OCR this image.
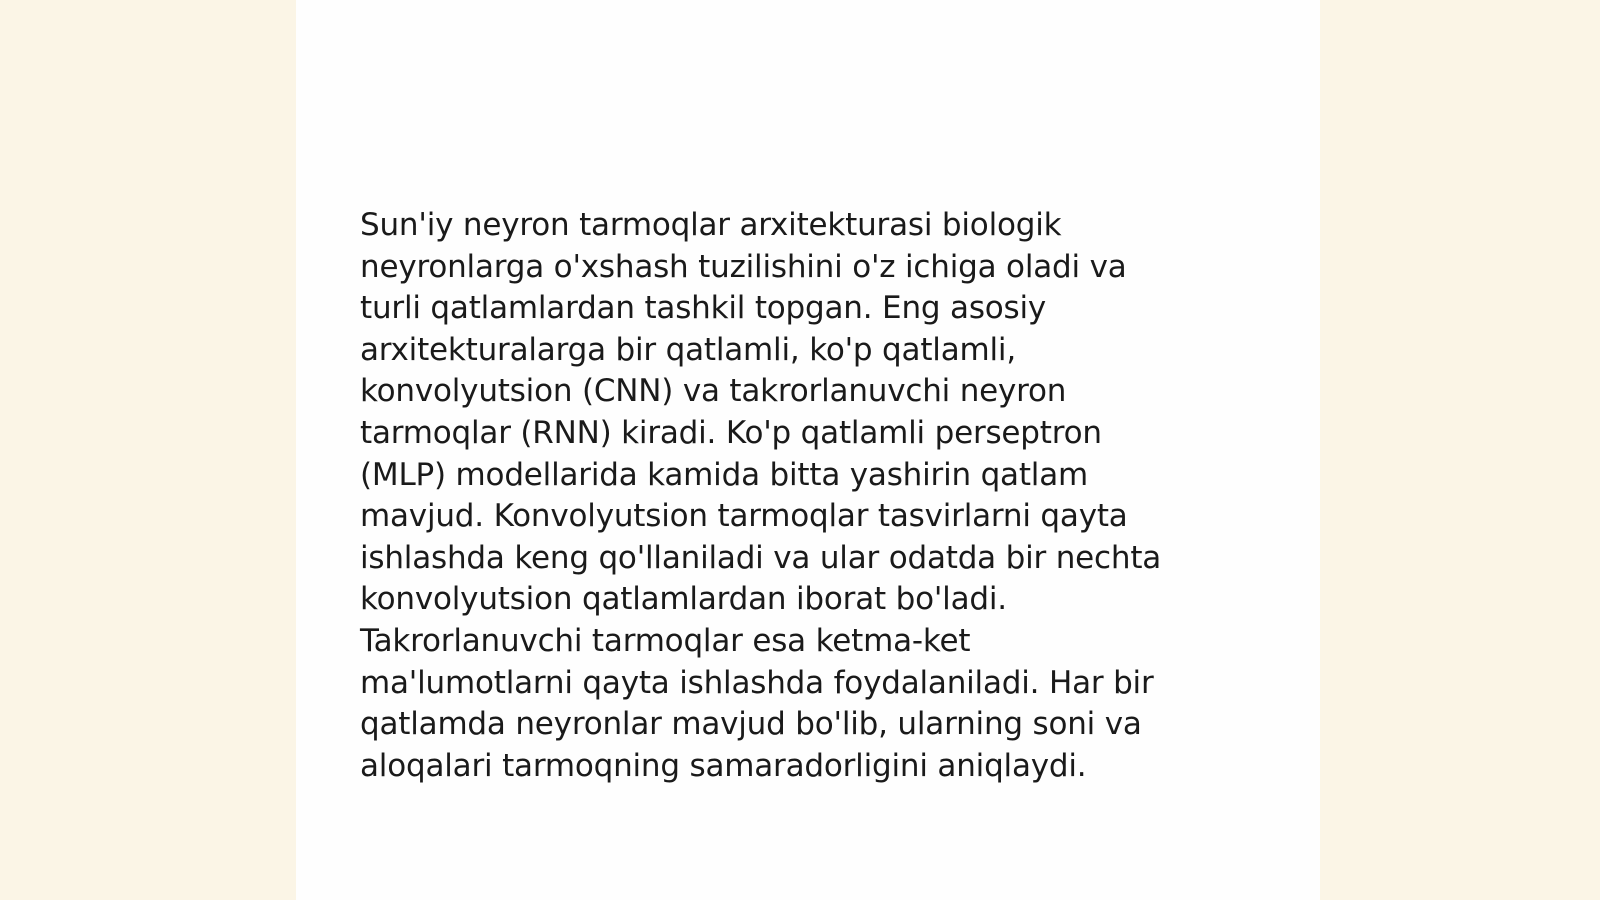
Sun'iy neyron tarmoqlar arxitekturasi biologik
neyronlarga o'xshash tuzilishini o'z ichiga oladi va
turli qatlamlardan tashkil topgan. Eng asosiy
arxitekturalarga bir qatlamli, ko'p qatlamli,
konvolyutsion (CNN) va takrorlanuvchi neyron
tarmoqlar (RNN) kiradi. Ko'p qatlamli perseptron
(MLP) modellarida kamida bitta yashirin qatlam
mavjud. Konvolyutsion tarmoqlar tasvirlarni qayta
ishlashda keng qo'llaniladi va ular odatda bir nechta
konvolyutsion qatlamlardan iborat bo'ladi.
Takrorlanuvchi tarmoqlar esa ketma-ket
ma'lumotlarni qayta ishlashda foydalaniladi. Har bir
qatlamda neyronlar mavjud bo'lib, ularning soni va
aloqalari tarmoqning samaradorligini aniqlaydi.
